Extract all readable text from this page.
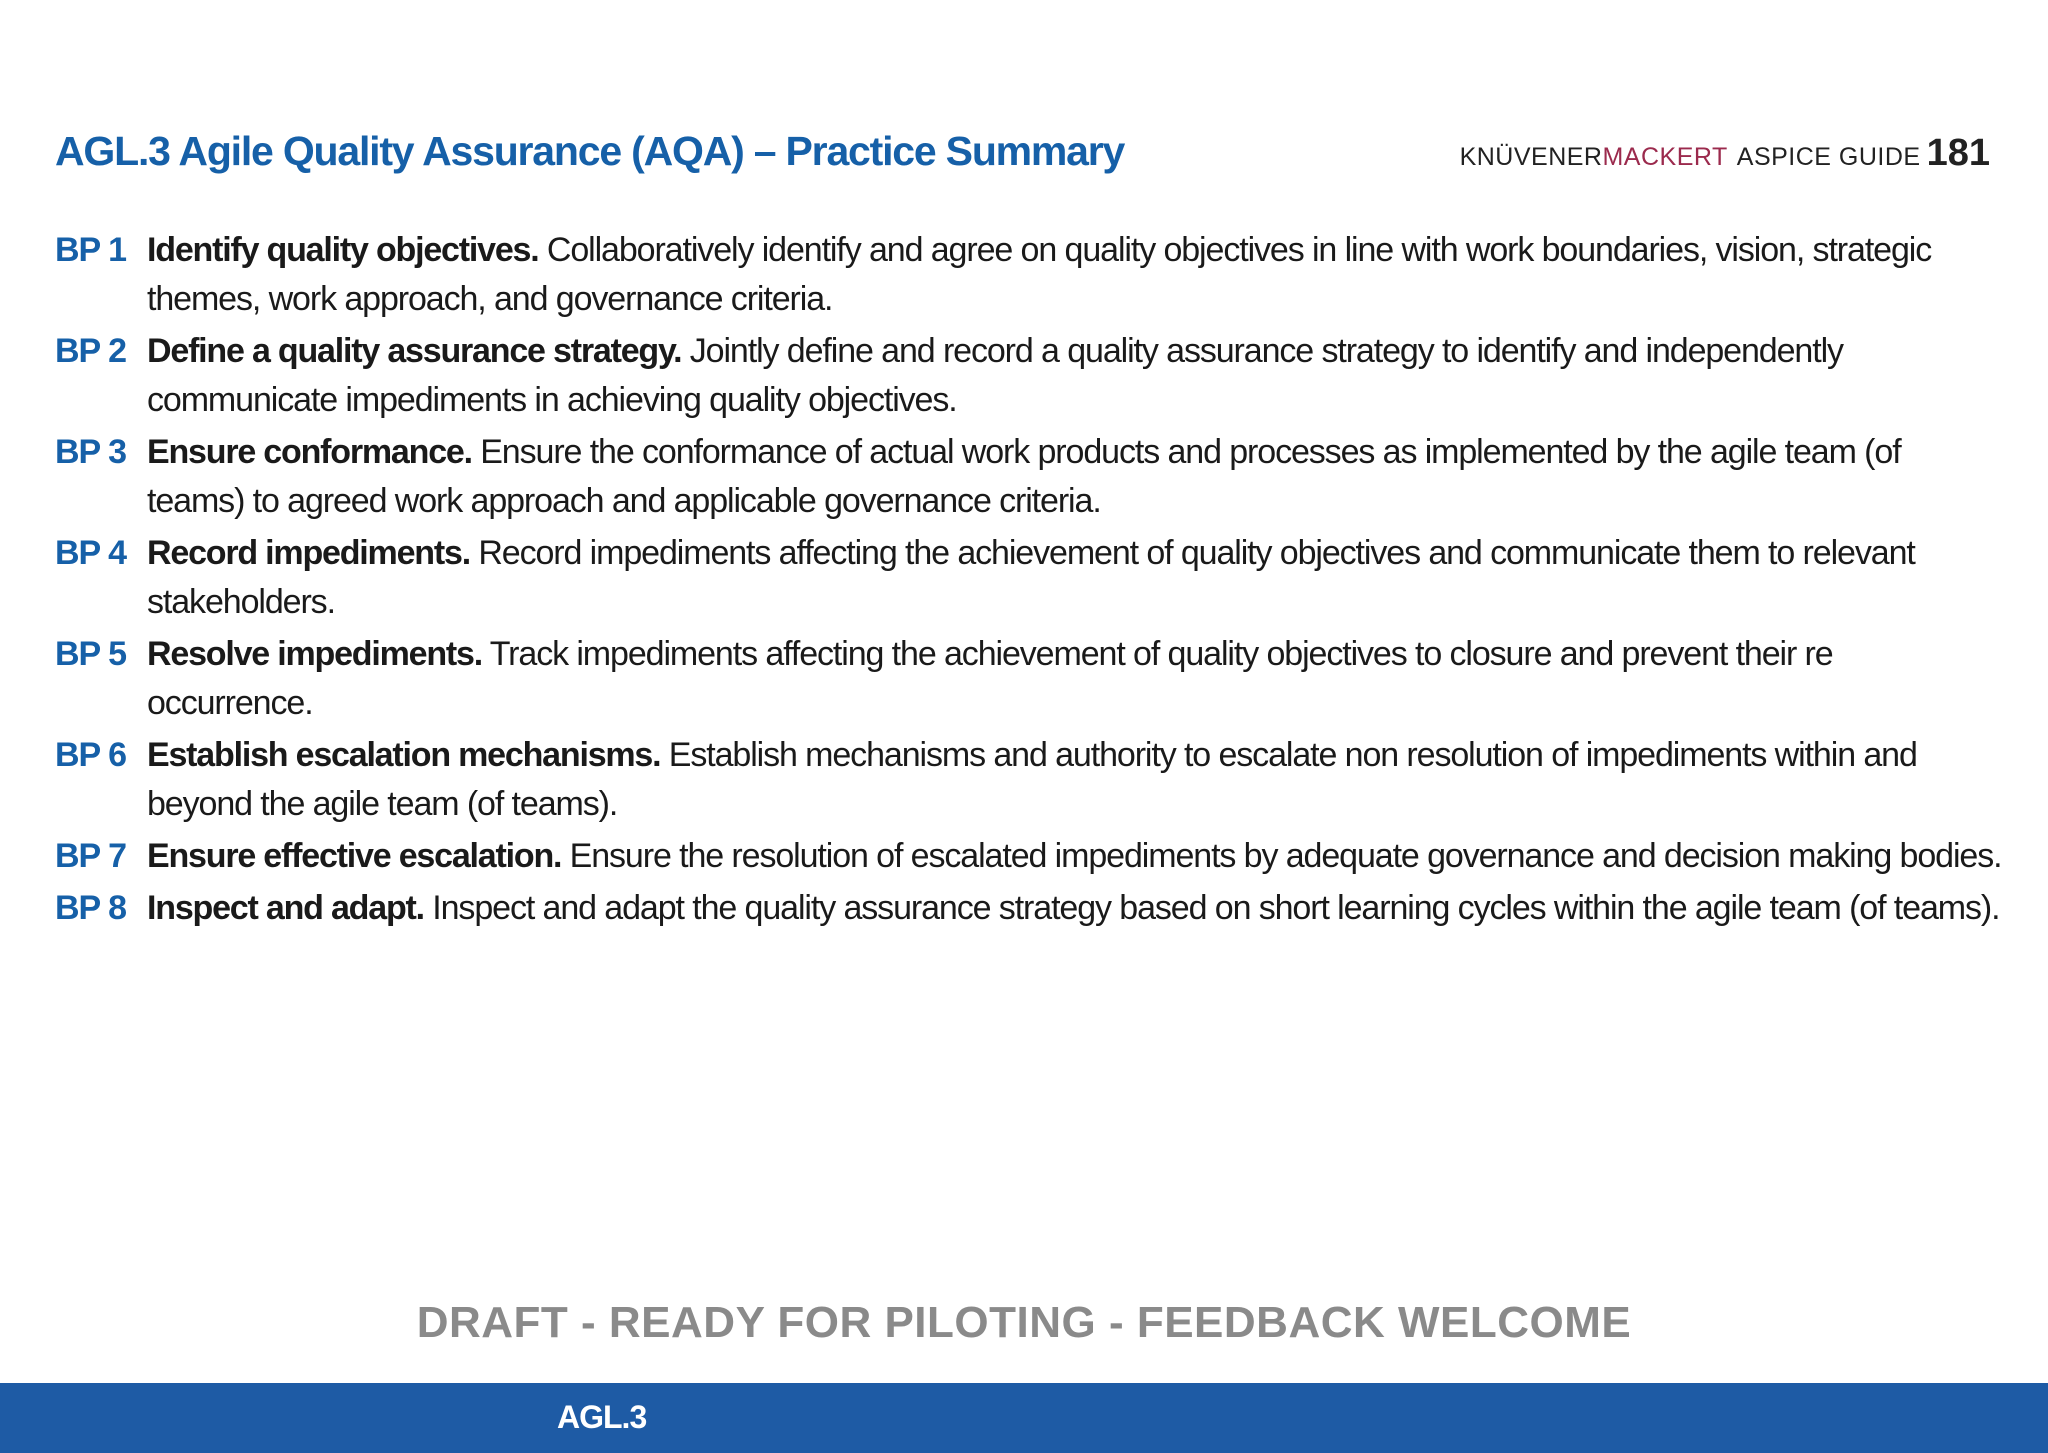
AGL.3 Agile Quality Assurance (AQA) – Practice Summary	KNÜVENER MACKERT ASPICE GUIDE 181
BP 1 Identify quality objectives. Collaboratively identify and agree on quality objectives in line with work boundaries, vision, strategic themes, work approach, and governance criteria.
BP 2 Define a quality assurance strategy. Jointly define and record a quality assurance strategy to identify and independently communicate impediments in achieving quality objectives.
BP 3 Ensure conformance. Ensure the conformance of actual work products and processes as implemented by the agile team (of teams) to agreed work approach and applicable governance criteria.
BP 4 Record impediments. Record impediments affecting the achievement of quality objectives and communicate them to relevant stakeholders.
BP 5 Resolve impediments. Track impediments affecting the achievement of quality objectives to closure and prevent their re occurrence.
BP 6 Establish escalation mechanisms. Establish mechanisms and authority to escalate non resolution of impediments within and beyond the agile team (of teams).
BP 7 Ensure effective escalation. Ensure the resolution of escalated impediments by adequate governance and decision making bodies.
BP 8 Inspect and adapt. Inspect and adapt the quality assurance strategy based on short learning cycles within the agile team (of teams).
DRAFT - READY FOR PILOTING - FEEDBACK WELCOME
AGL.3
